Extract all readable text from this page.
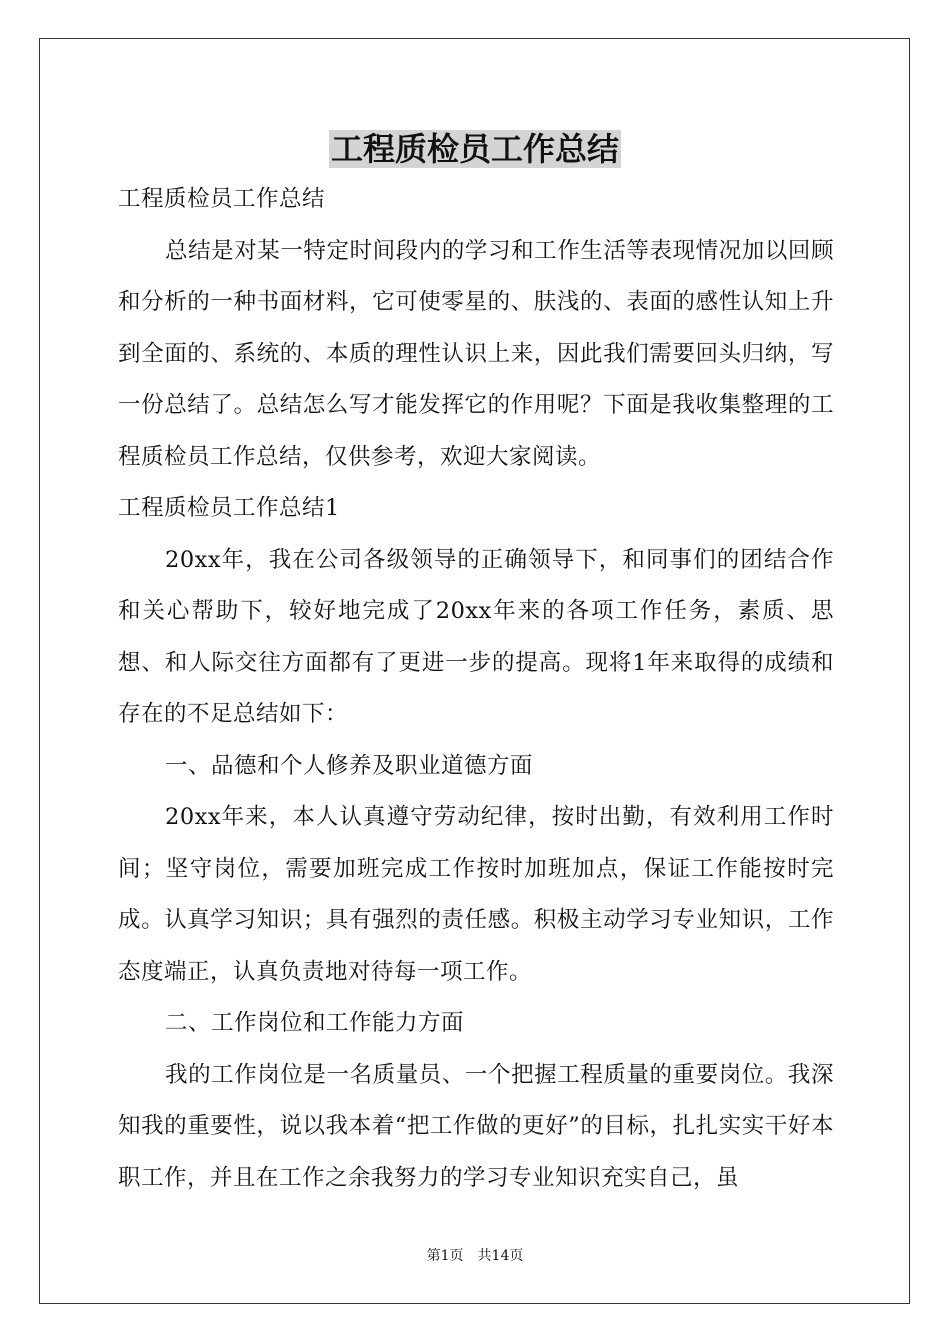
工程质检员工作总结

工程质检员工作总结

总结是对某一特定时间段内的学习和工作生活等表现情况加以回顾和分析的一种书面材料，它可使零星的、肤浅的、表面的感性认知上升到全面的、系统的、本质的理性认识上来，因此我们需要回头归纳，写一份总结了。总结怎么写才能发挥它的作用呢？下面是我收集整理的工程质检员工作总结，仅供参考，欢迎大家阅读。

工程质检员工作总结1

20xx年，我在公司各级领导的正确领导下，和同事们的团结合作和关心帮助下，较好地完成了20xx年来的各项工作任务，素质、思想、和人际交往方面都有了更进一步的提高。现将1年来取得的成绩和存在的不足总结如下：

一、品德和个人修养及职业道德方面

20xx年来，本人认真遵守劳动纪律，按时出勤，有效利用工作时间；坚守岗位，需要加班完成工作按时加班加点，保证工作能按时完成。认真学习知识；具有强烈的责任感。积极主动学习专业知识，工作态度端正，认真负责地对待每一项工作。

二、工作岗位和工作能力方面

我的工作岗位是一名质量员、一个把握工程质量的重要岗位。我深知我的重要性，说以我本着“把工作做的更好”的目标，扎扎实实干好本职工作，并且在工作之余我努力的学习专业知识充实自己，虽

第1页　共14页
